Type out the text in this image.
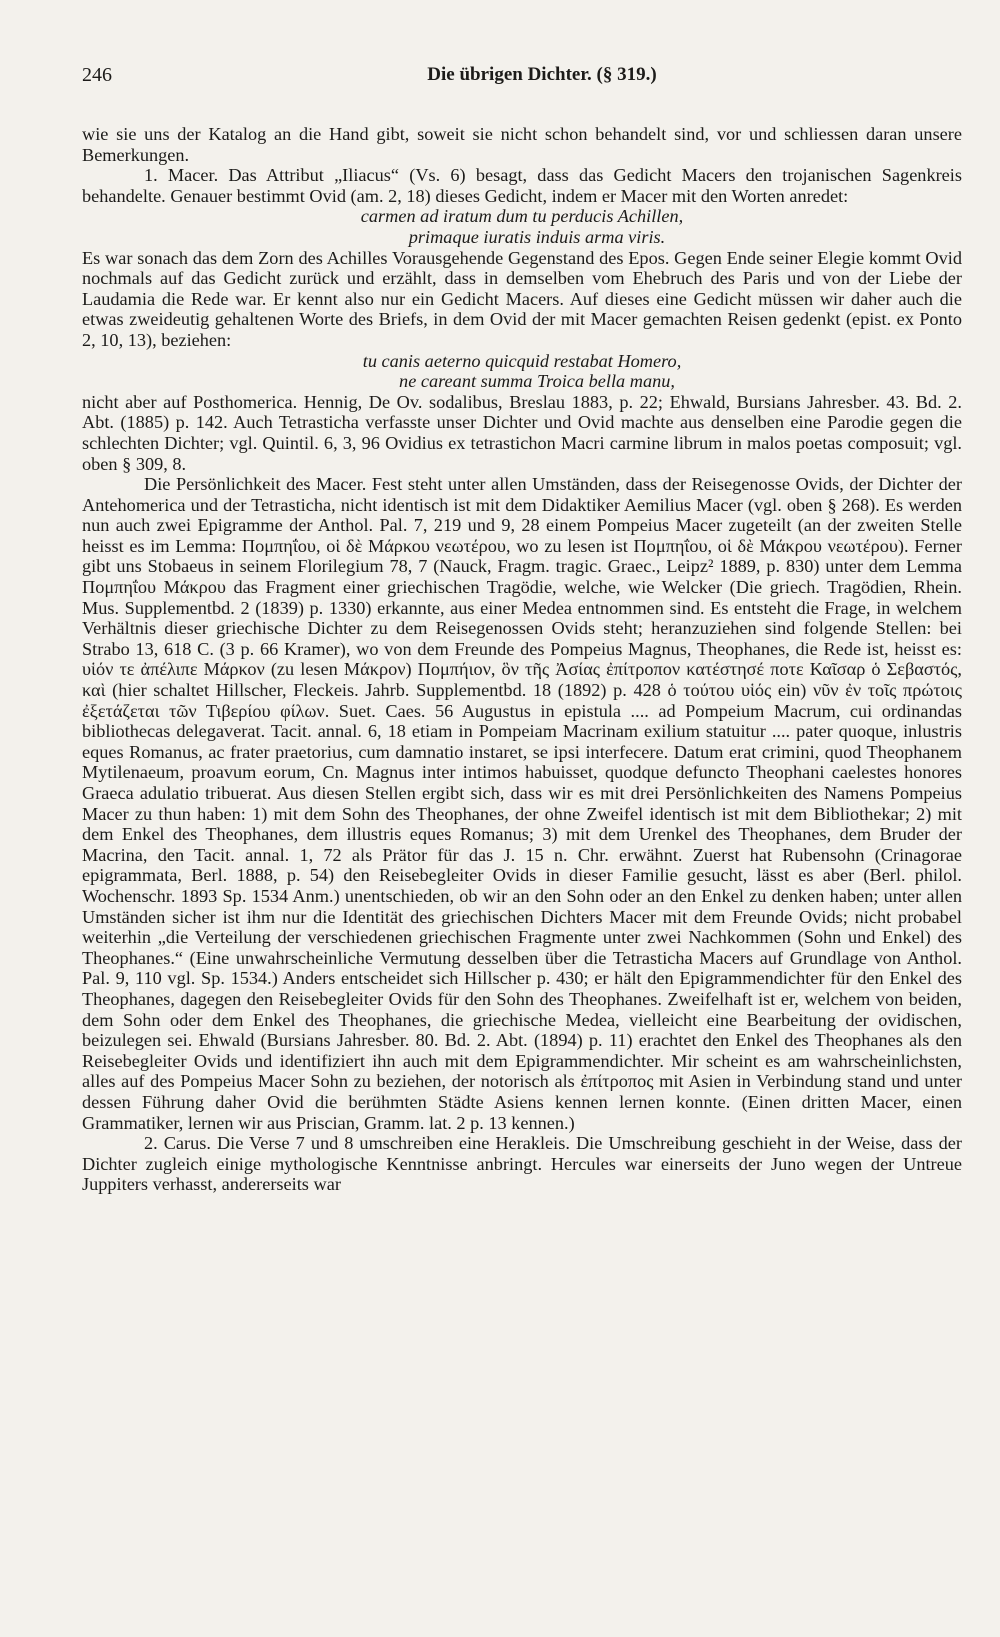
246	Die übrigen Dichter. (§ 319.)

wie sie uns der Katalog an die Hand gibt, soweit sie nicht schon behandelt sind, vor und schliessen daran unsere Bemerkungen.

1. Macer. Das Attribut „Iliacus“ (Vs. 6) besagt, dass das Gedicht Macers den trojanischen Sagenkreis behandelte. Genauer bestimmt Ovid (am. 2, 18) dieses Gedicht, indem er Macer mit den Worten anredet:

carmen ad iratum dum tu perducis Achillen,

primaque iuratis induis arma viris.

Es war sonach das dem Zorn des Achilles Vorausgehende Gegenstand des Epos. Gegen Ende seiner Elegie kommt Ovid nochmals auf das Gedicht zurück und erzählt, dass in demselben vom Ehebruch des Paris und von der Liebe der Laudamia die Rede war. Er kennt also nur ein Gedicht Macers. Auf dieses eine Gedicht müssen wir daher auch die etwas zweideutig gehaltenen Worte des Briefs, in dem Ovid der mit Macer gemachten Reisen gedenkt (epist. ex Ponto 2, 10, 13), beziehen:

tu canis aeterno quicquid restabat Homero,

ne careant summa Troica bella manu,

nicht aber auf Posthomerica. Hennig, De Ov. sodalibus, Breslau 1883, p. 22; Ehwald, Bursians Jahresber. 43. Bd. 2. Abt. (1885) p. 142. Auch Tetrasticha verfasste unser Dichter und Ovid machte aus denselben eine Parodie gegen die schlechten Dichter; vgl. Quintil. 6, 3, 96 Ovidius ex tetrastichon Macri carmine librum in malos poetas composuit; vgl. oben § 309, 8.

Die Persönlichkeit des Macer. Fest steht unter allen Umständen, dass der Reisegenosse Ovids, der Dichter der Antehomerica und der Tetrasticha, nicht identisch ist mit dem Didaktiker Aemilius Macer (vgl. oben § 268). Es werden nun auch zwei Epigramme der Anthol. Pal. 7, 219 und 9, 28 einem Pompeius Macer zugeteilt (an der zweiten Stelle heisst es im Lemma: Πομπηΐου, οἱ δὲ Μάρκου νεωτέρου, wo zu lesen ist Πομπηΐου, οἱ δὲ Μάκρου νεωτέρου). Ferner gibt uns Stobaeus in seinem Florilegium 78, 7 (Nauck, Fragm. tragic. Graec., Leipz² 1889, p. 830) unter dem Lemma Πομπηΐου Μάκρου das Fragment einer griechischen Tragödie, welche, wie Welcker (Die griech. Tragödien, Rhein. Mus. Supplementbd. 2 (1839) p. 1330) erkannte, aus einer Medea entnommen sind. Es entsteht die Frage, in welchem Verhältnis dieser griechische Dichter zu dem Reisegenossen Ovids steht; heranzuziehen sind folgende Stellen: bei Strabo 13, 618 C. (3 p. 66 Kramer), wo von dem Freunde des Pompeius Magnus, Theophanes, die Rede ist, heisst es: υἱόν τε ἀπέλιπε Μάρκον (zu lesen Μάκρον) Πομπήιον, ὃν τῆς Ἀσίας ἐπίτροπον κατέστησέ ποτε Καῖσαρ ὁ Σεβαστός, καὶ (hier schaltet Hillscher, Fleckeis. Jahrb. Supplementbd. 18 (1892) p. 428 ὁ τούτου υἱός ein) νῦν ἐν τοῖς πρώτοις ἐξετάζεται τῶν Τιβερίου φίλων. Suet. Caes. 56 Augustus in epistula .... ad Pompeium Macrum, cui ordinandas bibliothecas delegaverat. Tacit. annal. 6, 18 etiam in Pompeiam Macrinam exilium statuitur .... pater quoque, inlustris eques Romanus, ac frater praetorius, cum damnatio instaret, se ipsi interfecere. Datum erat crimini, quod Theophanem Mytilenaeum, proavum eorum, Cn. Magnus inter intimos habuisset, quodque defuncto Theophani caelestes honores Graeca adulatio tribuerat. Aus diesen Stellen ergibt sich, dass wir es mit drei Persönlichkeiten des Namens Pompeius Macer zu thun haben: 1) mit dem Sohn des Theophanes, der ohne Zweifel identisch ist mit dem Bibliothekar; 2) mit dem Enkel des Theophanes, dem illustris eques Romanus; 3) mit dem Urenkel des Theophanes, dem Bruder der Macrina, den Tacit. annal. 1, 72 als Prätor für das J. 15 n. Chr. erwähnt. Zuerst hat Rubensohn (Crinagorae epigrammata, Berl. 1888, p. 54) den Reisebegleiter Ovids in dieser Familie gesucht, lässt es aber (Berl. philol. Wochenschr. 1893 Sp. 1534 Anm.) unentschieden, ob wir an den Sohn oder an den Enkel zu denken haben; unter allen Umständen sicher ist ihm nur die Identität des griechischen Dichters Macer mit dem Freunde Ovids; nicht probabel weiterhin „die Verteilung der verschiedenen griechischen Fragmente unter zwei Nachkommen (Sohn und Enkel) des Theophanes.“ (Eine unwahrscheinliche Vermutung desselben über die Tetrasticha Macers auf Grundlage von Anthol. Pal. 9, 110 vgl. Sp. 1534.) Anders entscheidet sich Hillscher p. 430; er hält den Epigrammendichter für den Enkel des Theophanes, dagegen den Reisebegleiter Ovids für den Sohn des Theophanes. Zweifelhaft ist er, welchem von beiden, dem Sohn oder dem Enkel des Theophanes, die griechische Medea, vielleicht eine Bearbeitung der ovidischen, beizulegen sei. Ehwald (Bursians Jahresber. 80. Bd. 2. Abt. (1894) p. 11) erachtet den Enkel des Theophanes als den Reisebegleiter Ovids und identifiziert ihn auch mit dem Epigrammendichter. Mir scheint es am wahrscheinlichsten, alles auf des Pompeius Macer Sohn zu beziehen, der notorisch als ἐπίτροπος mit Asien in Verbindung stand und unter dessen Führung daher Ovid die berühmten Städte Asiens kennen lernen konnte. (Einen dritten Macer, einen Grammatiker, lernen wir aus Priscian, Gramm. lat. 2 p. 13 kennen.)

2. Carus. Die Verse 7 und 8 umschreiben eine Herakleis. Die Umschreibung geschieht in der Weise, dass der Dichter zugleich einige mythologische Kenntnisse anbringt. Hercules war einerseits der Juno wegen der Untreue Juppiters verhasst, andererseits war
